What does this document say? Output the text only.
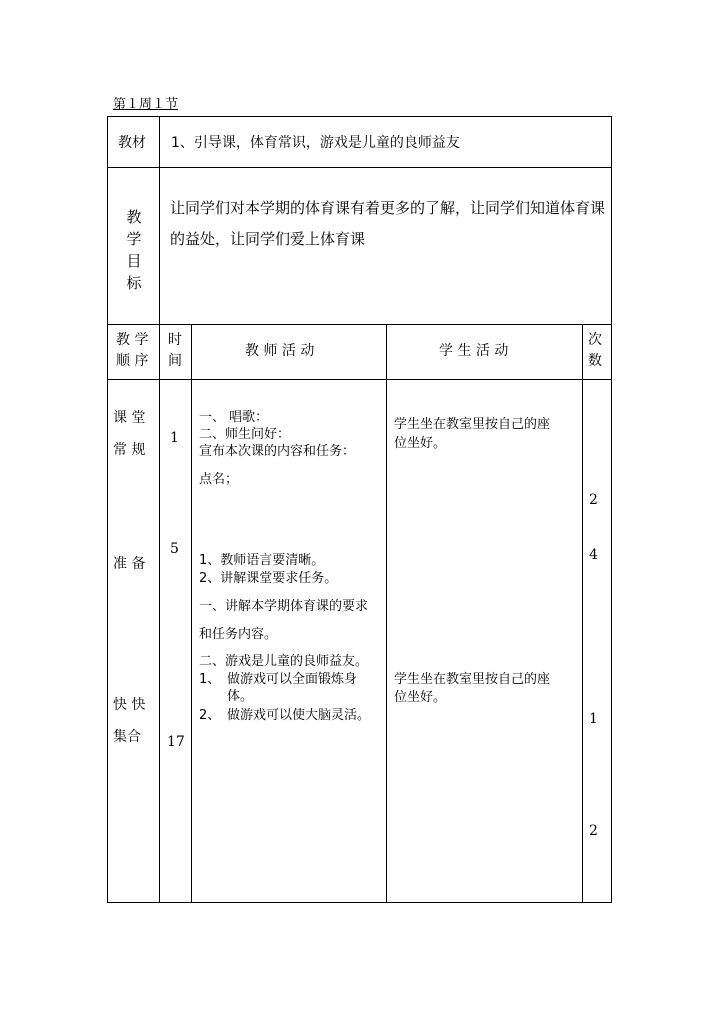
第１周１节
教材 1、引导课，体育常识，游戏是儿童的良师益友
教
学
目
标
让同学们对本学期的体育课有着更多的了解，让同学们知道体育课的益处，让同学们爱上体育课
教 学
顺 序
时
间
教 师 活 动	学 生 活 动
次
数
课 堂
常 规
准 备
快 快
集合
1
5
17
一、 唱歌：
二、师生问好：
宣布本次课的内容和任务：
点名；
1、教师语言要清晰。
2、讲解课堂要求任务。
一、讲解本学期体育课的要求
和任务内容。
二、游戏是儿童的良师益友。
1、 做游戏可以全面锻炼身
体。
2、 做游戏可以使大脑灵活。
学生坐在教室里按自己的座
位坐好。
学生坐在教室里按自己的座
位坐好。
2
4
1
2
